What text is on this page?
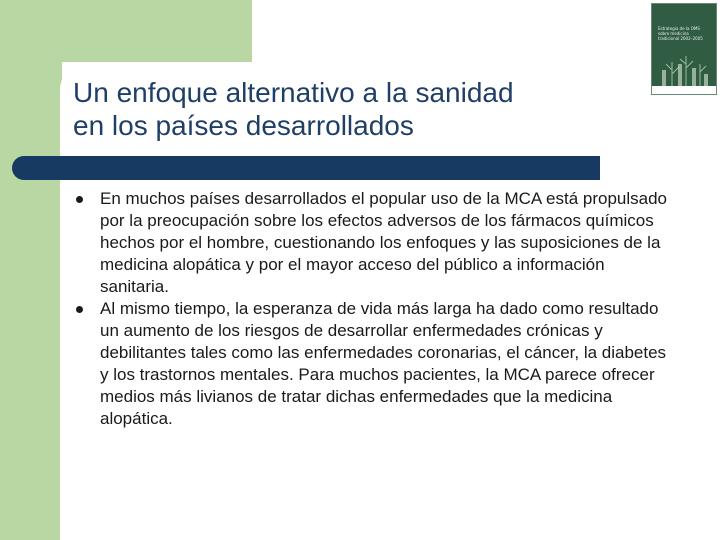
Un enfoque alternativo a la sanidad
en los países desarrollados
Estrategia de la OMS sobre medicina tradicional 2002–2005
En muchos países desarrollados el popular uso de la MCA está propulsado por la preocupación sobre los efectos adversos de los fármacos químicos hechos por el hombre, cuestionando los enfoques y las suposiciones de la medicina alopática y por el mayor acceso del público a información sanitaria.
Al mismo tiempo, la esperanza de vida más larga ha dado como resultado un aumento de los riesgos de desarrollar enfermedades crónicas y debilitantes tales como las enfermedades coronarias, el cáncer, la diabetes y los trastornos mentales. Para muchos pacientes, la MCA parece ofrecer medios más livianos de tratar dichas enfermedades que la medicina alopática.
